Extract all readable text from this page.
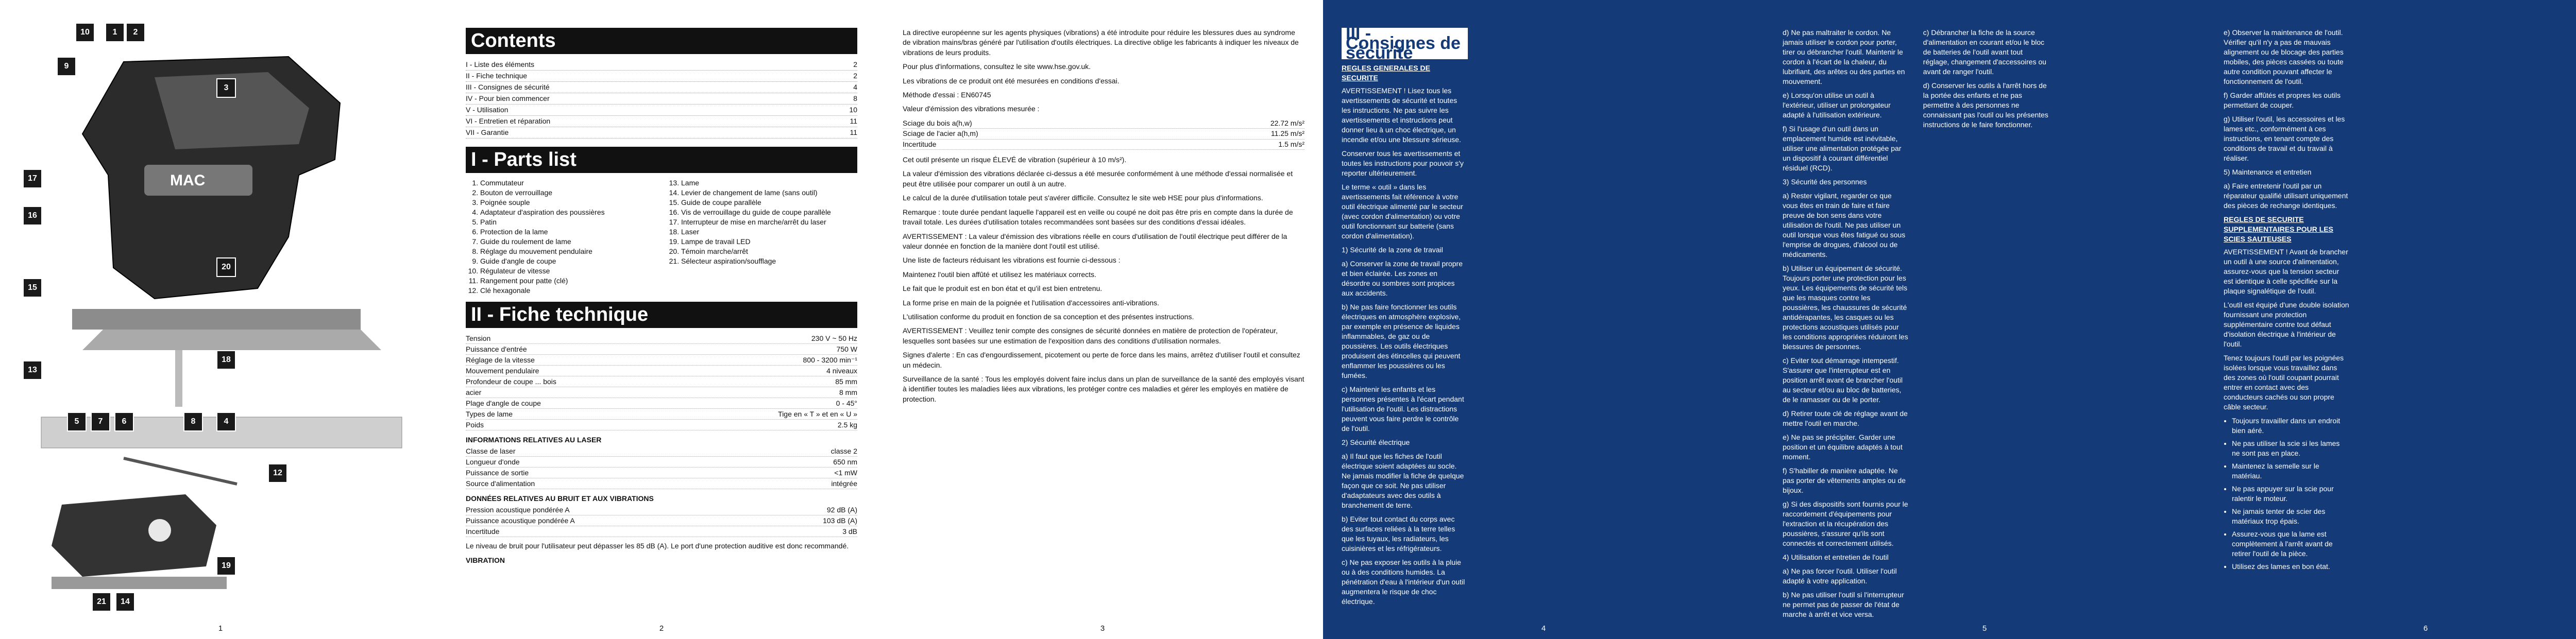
MAC
10	1	2
9
3
17
16
15
13
20
18
5	7	6	8	4
12
19
21	14
1
Contents
I - Liste des éléments	2
II - Fiche technique	2
III - Consignes de sécurité	4
IV - Pour bien commencer	8
V - Utilisation	10
VI - Entretien et réparation	11
VII - Garantie	11
I - Parts list
1. Commutateur
2. Bouton de verrouillage
3. Poignée souple
4. Adaptateur d'aspiration des poussières
5. Patin
6. Protection de la lame
7. Guide du roulement de lame
8. Réglage du mouvement pendulaire
9. Guide d'angle de coupe
10. Régulateur de vitesse
11. Rangement pour patte (clé)
12. Clé hexagonale
13. Lame
14. Levier de changement de lame (sans outil)
15. Guide de coupe parallèle
16. Vis de verrouillage du guide de coupe parallèle
17. Interrupteur de mise en marche/arrêt du laser
18. Laser
19. Lampe de travail LED
20. Témoin marche/arrêt
21. Sélecteur aspiration/soufflage
II - Fiche technique
Tension	230 V ~ 50 Hz
Puissance d'entrée	750 W
Réglage de la vitesse	800 - 3200 min⁻¹
Mouvement pendulaire	4 niveaux
Profondeur de coupe ... bois	85 mm
acier	8 mm
Plage d'angle de coupe	0 - 45°
Types de lame	Tige en « T » et en « U »
Poids	2.5 kg
INFORMATIONS RELATIVES AU LASER
Classe de laser	classe 2
Longueur d'onde	650 nm
Puissance de sortie	<1 mW
Source d'alimentation	intégrée
DONNÉES RELATIVES AU BRUIT ET AUX VIBRATIONS
Pression acoustique pondérée A	92 dB (A)
Puissance acoustique pondérée A	103 dB (A)
Incertitude	3 dB
Le niveau de bruit pour l'utilisateur peut dépasser les 85 dB (A). Le port d'une protection auditive est donc recommandé.
VIBRATION
2

La directive européenne sur les agents physiques (vibrations) a été introduite pour réduire les blessures dues au syndrome de vibration mains/bras généré par l'utilisation d'outils électriques. La directive oblige les fabricants à indiquer les niveaux de vibrations de leurs produits.

Pour plus d'informations, consultez le site www.hse.gov.uk.

Les vibrations de ce produit ont été mesurées en conditions d'essai.

Méthode d'essai : EN60745

Valeur d'émission des vibrations mesurée :

Sciage du bois a(h,w)	22.72 m/s²
Sciage de l'acier a(h,m)	11.25 m/s²
Incertitude	1.5 m/s²

Cet outil présente un risque ÉLEVÉ de vibration (supérieur à 10 m/s²).

La valeur d'émission des vibrations déclarée ci-dessus a été mesurée conformément à une méthode d'essai normalisée et peut être utilisée pour comparer un outil à un autre.

Le calcul de la durée d'utilisation totale peut s'avérer difficile. Consultez le site web HSE pour plus d'informations.

Remarque : toute durée pendant laquelle l'appareil est en veille ou coupé ne doit pas être pris en compte dans la durée de travail totale. Les durées d'utilisation totales recommandées sont basées sur des conditions d'essai idéales.

AVERTISSEMENT : La valeur d'émission des vibrations réelle en cours d'utilisation de l'outil électrique peut différer de la valeur donnée en fonction de la manière dont l'outil est utilisé.

Une liste de facteurs réduisant les vibrations est fournie ci-dessous :

Maintenez l'outil bien affûté et utilisez les matériaux corrects.

Le fait que le produit est en bon état et qu'il est bien entretenu.

La forme prise en main de la poignée et l'utilisation d'accessoires anti-vibrations.

L'utilisation conforme du produit en fonction de sa conception et des présentes instructions.

AVERTISSEMENT : Veuillez tenir compte des consignes de sécurité données en matière de protection de l'opérateur, lesquelles sont basées sur une estimation de l'exposition dans des conditions d'utilisation normales.

Signes d'alerte : En cas d'engourdissement, picotement ou perte de force dans les mains, arrêtez d'utiliser l'outil et consultez un médecin.

Surveillance de la santé : Tous les employés doivent faire inclus dans un plan de surveillance de la santé des employés visant à identifier toutes les maladies liées aux vibrations, les protéger contre ces maladies et gérer les employés en matière de protection.

3
III - Consignes de sécurité
REGLES GENERALES DE SECURITE

AVERTISSEMENT ! Lisez tous les avertissements de sécurité et toutes les instructions. Ne pas suivre les avertissements et instructions peut donner lieu à un choc électrique, un incendie et/ou une blessure sérieuse.

Conserver tous les avertissements et toutes les instructions pour pouvoir s'y reporter ultérieurement.

Le terme « outil » dans les avertissements fait référence à votre outil électrique alimenté par le secteur (avec cordon d'alimentation) ou votre outil fonctionnant sur batterie (sans cordon d'alimentation).

1) Sécurité de la zone de travail

a) Conserver la zone de travail propre et bien éclairée. Les zones en désordre ou sombres sont propices aux accidents.

b) Ne pas faire fonctionner les outils électriques en atmosphère explosive, par exemple en présence de liquides inflammables, de gaz ou de poussières. Les outils électriques produisent des étincelles qui peuvent enflammer les poussières ou les fumées.

c) Maintenir les enfants et les personnes présentes à l'écart pendant l'utilisation de l'outil. Les distractions peuvent vous faire perdre le contrôle de l'outil.

2) Sécurité électrique

a) Il faut que les fiches de l'outil électrique soient adaptées au socle. Ne jamais modifier la fiche de quelque façon que ce soit. Ne pas utiliser d'adaptateurs avec des outils à branchement de terre.

b) Eviter tout contact du corps avec des surfaces reliées à la terre telles que les tuyaux, les radiateurs, les cuisinières et les réfrigérateurs.

c) Ne pas exposer les outils à la pluie ou à des conditions humides. La pénétration d'eau à l'intérieur d'un outil augmentera le risque de choc électrique.

4

d) Ne pas maltraiter le cordon. Ne jamais utiliser le cordon pour porter, tirer ou débrancher l'outil. Maintenir le cordon à l'écart de la chaleur, du lubrifiant, des arêtes ou des parties en mouvement.

e) Lorsqu'on utilise un outil à l'extérieur, utiliser un prolongateur adapté à l'utilisation extérieure.

f) Si l'usage d'un outil dans un emplacement humide est inévitable, utiliser une alimentation protégée par un dispositif à courant différentiel résiduel (RCD).

3) Sécurité des personnes

a) Rester vigilant, regarder ce que vous êtes en train de faire et faire preuve de bon sens dans votre utilisation de l'outil. Ne pas utiliser un outil lorsque vous êtes fatigué ou sous l'emprise de drogues, d'alcool ou de médicaments.

b) Utiliser un équipement de sécurité. Toujours porter une protection pour les yeux. Les équipements de sécurité tels que les masques contre les poussières, les chaussures de sécurité antidérapantes, les casques ou les protections acoustiques utilisés pour les conditions appropriées réduiront les blessures de personnes.

c) Eviter tout démarrage intempestif. S'assurer que l'interrupteur est en position arrêt avant de brancher l'outil au secteur et/ou au bloc de batteries, de le ramasser ou de le porter.

d) Retirer toute clé de réglage avant de mettre l'outil en marche.

e) Ne pas se précipiter. Garder une position et un équilibre adaptés à tout moment.

f) S'habiller de manière adaptée. Ne pas porter de vêtements amples ou de bijoux.

g) Si des dispositifs sont fournis pour le raccordement d'équipements pour l'extraction et la récupération des poussières, s'assurer qu'ils sont connectés et correctement utilisés.

4) Utilisation et entretien de l'outil

a) Ne pas forcer l'outil. Utiliser l'outil adapté à votre application.

b) Ne pas utiliser l'outil si l'interrupteur ne permet pas de passer de l'état de marche à arrêt et vice versa.

c) Débrancher la fiche de la source d'alimentation en courant et/ou le bloc de batteries de l'outil avant tout réglage, changement d'accessoires ou avant de ranger l'outil.

d) Conserver les outils à l'arrêt hors de la portée des enfants et ne pas permettre à des personnes ne connaissant pas l'outil ou les présentes instructions de le faire fonctionner.

5

e) Observer la maintenance de l'outil. Vérifier qu'il n'y a pas de mauvais alignement ou de blocage des parties mobiles, des pièces cassées ou toute autre condition pouvant affecter le fonctionnement de l'outil.

f) Garder affûtés et propres les outils permettant de couper.

g) Utiliser l'outil, les accessoires et les lames etc., conformément à ces instructions, en tenant compte des conditions de travail et du travail à réaliser.

5) Maintenance et entretien

a) Faire entretenir l'outil par un réparateur qualifié utilisant uniquement des pièces de rechange identiques.

REGLES DE SECURITE SUPPLEMENTAIRES POUR LES SCIES SAUTEUSES

AVERTISSEMENT ! Avant de brancher un outil à une source d'alimentation, assurez-vous que la tension secteur est identique à celle spécifiée sur la plaque signalétique de l'outil.

L'outil est équipé d'une double isolation fournissant une protection supplémentaire contre tout défaut d'isolation électrique à l'intérieur de l'outil.

Tenez toujours l'outil par les poignées isolées lorsque vous travaillez dans des zones où l'outil coupant pourrait entrer en contact avec des conducteurs cachés ou son propre câble secteur.

• Toujours travailler dans un endroit bien aéré.
• Ne pas utiliser la scie si les lames ne sont pas en place.
• Maintenez la semelle sur le matériau.
• Ne pas appuyer sur la scie pour ralentir le moteur.
• Ne jamais tenter de scier des matériaux trop épais.
• Assurez-vous que la lame est complètement à l'arrêt avant de retirer l'outil de la pièce.
• Utilisez des lames en bon état.
6
